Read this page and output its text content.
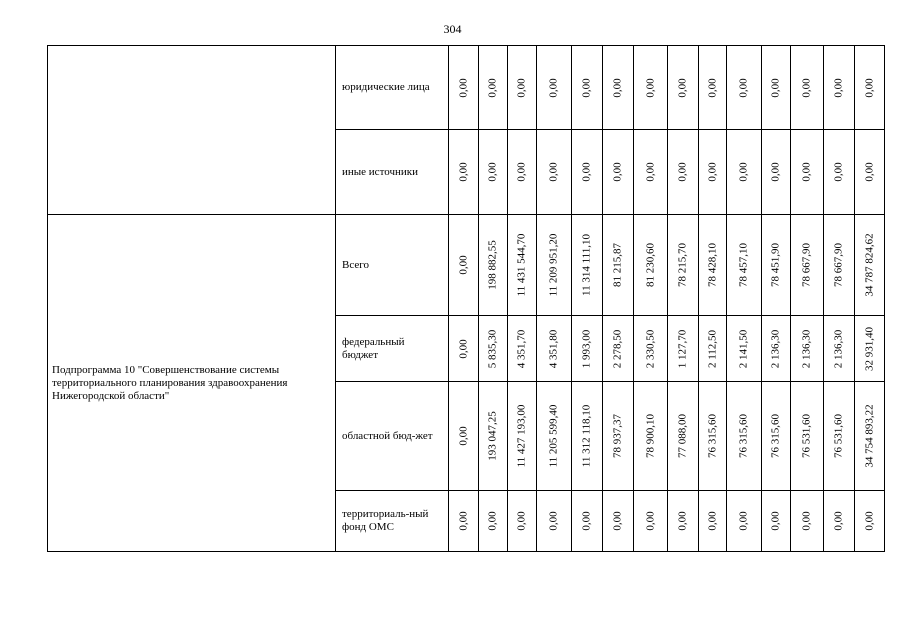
304
	юридические лица	0,00	0,00	0,00	0,00	0,00	0,00	0,00	0,00	0,00	0,00	0,00	0,00	0,00	0,00

	иные источники	0,00	0,00	0,00	0,00	0,00	0,00	0,00	0,00	0,00	0,00	0,00	0,00	0,00	0,00

Подпрограмма 10 "Совершенствование системы территориального планирования здравоохранения Нижегородской области"	Всего	0,00	198 882,55	11 431 544,70	11 209 951,20	11 314 111,10	81 215,87	81 230,60	78 215,70	78 428,10	78 457,10	78 451,90	78 667,90	78 667,90	34 787 824,62

	федеральный бюджет	0,00	5 835,30	4 351,70	4 351,80	1 993,00	2 278,50	2 330,50	1 127,70	2 112,50	2 141,50	2 136,30	2 136,30	2 136,30	32 931,40

	областной бюд-жет	0,00	193 047,25	11 427 193,00	11 205 599,40	11 312 118,10	78 937,37	78 900,10	77 088,00	76 315,60	76 315,60	76 315,60	76 531,60	76 531,60	34 754 893,22

	территориаль-ный фонд ОМС	0,00	0,00	0,00	0,00	0,00	0,00	0,00	0,00	0,00	0,00	0,00	0,00	0,00	0,00
